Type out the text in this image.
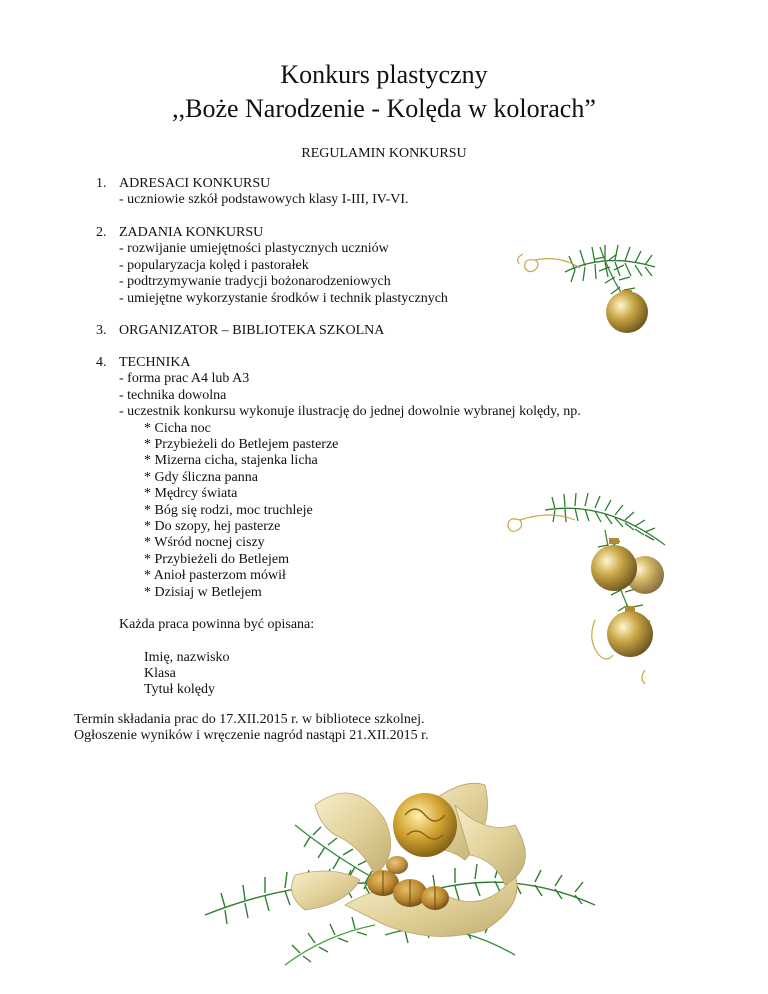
Konkurs plastyczny
,,Boże Narodzenie - Kolęda w kolorach”
REGULAMIN KONKURSU
1. ADRESACI KONKURSU
- uczniowie szkół podstawowych klasy I-III, IV-VI.
2. ZADANIA KONKURSU
- rozwijanie umiejętności plastycznych uczniów
- popularyzacja kolęd i pastorałek
- podtrzymywanie tradycji bożonarodzeniowych
- umiejętne wykorzystanie środków i technik plastycznych
3. ORGANIZATOR – BIBLIOTEKA SZKOLNA
4. TECHNIKA
- forma prac A4 lub A3
- technika dowolna
- uczestnik konkursu wykonuje ilustrację do jednej dowolnie wybranej kolędy, np.
* Cicha noc
* Przybieżeli do Betlejem pasterze
* Mizerna cicha, stajenka licha
* Gdy śliczna panna
* Mędrcy świata
* Bóg się rodzi, moc truchleje
* Do szopy, hej pasterze
* Wśród nocnej ciszy
* Przybieżeli do Betlejem
* Anioł pasterzom mówił
* Dzisiaj w Betlejem
Każda praca powinna być opisana:
Imię, nazwisko
Klasa
Tytuł kolędy
Termin składania prac do 17.XII.2015 r. w bibliotece szkolnej.
Ogłoszenie wyników i wręczenie nagród nastąpi 21.XII.2015 r.
